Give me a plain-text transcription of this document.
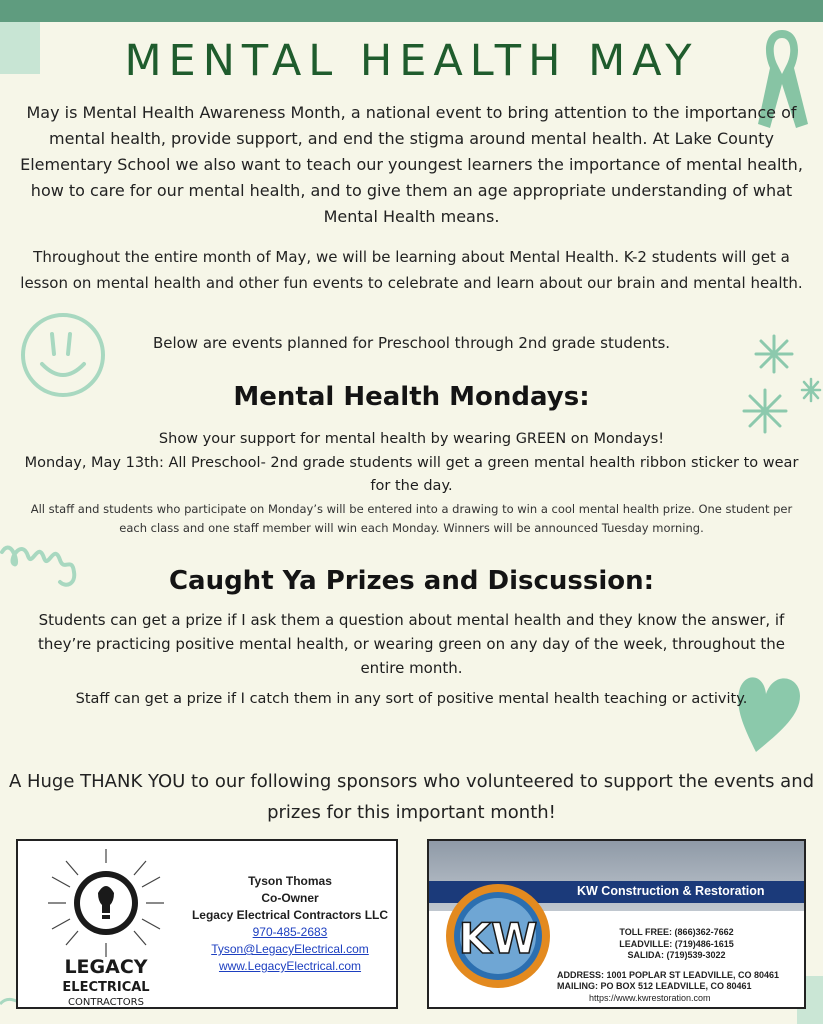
MENTAL HEALTH MAY

May is Mental Health Awareness Month, a national event to bring attention to the importance of mental health, provide support, and end the stigma around mental health. At Lake County Elementary School we also want to teach our youngest learners the importance of mental health, how to care for our mental health, and to give them an age appropriate understanding of what Mental Health means.

Throughout the entire month of May, we will be learning about Mental Health. K-2 students will get a lesson on mental health and other fun events to celebrate and learn about our brain and mental health.

Below are events planned for Preschool through 2nd grade students.

Mental Health Mondays:

Show your support for mental health by wearing GREEN on Mondays!

Monday, May 13th: All Preschool- 2nd grade students will get a green mental health ribbon sticker to wear for the day.

All staff and students who participate on Monday’s will be entered into a drawing to win a cool mental health prize. One student per each class and one staff member will win each Monday. Winners will be announced Tuesday morning.

Caught Ya Prizes and Discussion:

Students can get a prize if I ask them a question about mental health and they know the answer, if they’re practicing positive mental health, or wearing green on any day of the week, throughout the entire month.

Staff can get a prize if I catch them in any sort of positive mental health teaching or activity.

A Huge THANK YOU to our following sponsors who volunteered to support the events and prizes for this important month!

LEGACY
ELECTRICAL
CONTRACTORS
Tyson Thomas
Co-Owner
Legacy Electrical Contractors LLC
970-485-2683
Tyson@LegacyElectrical.com
www.LegacyElectrical.com
KW Construction & Restoration
KW	TOLL FREE: (866)362-7662
LEADVILLE: (719)486-1615
SALIDA: (719)539-3022
ADDRESS: 1001 POPLAR ST LEADVILLE, CO 80461
MAILING: PO BOX 512 LEADVILLE, CO 80461
https://www.kwrestoration.com
